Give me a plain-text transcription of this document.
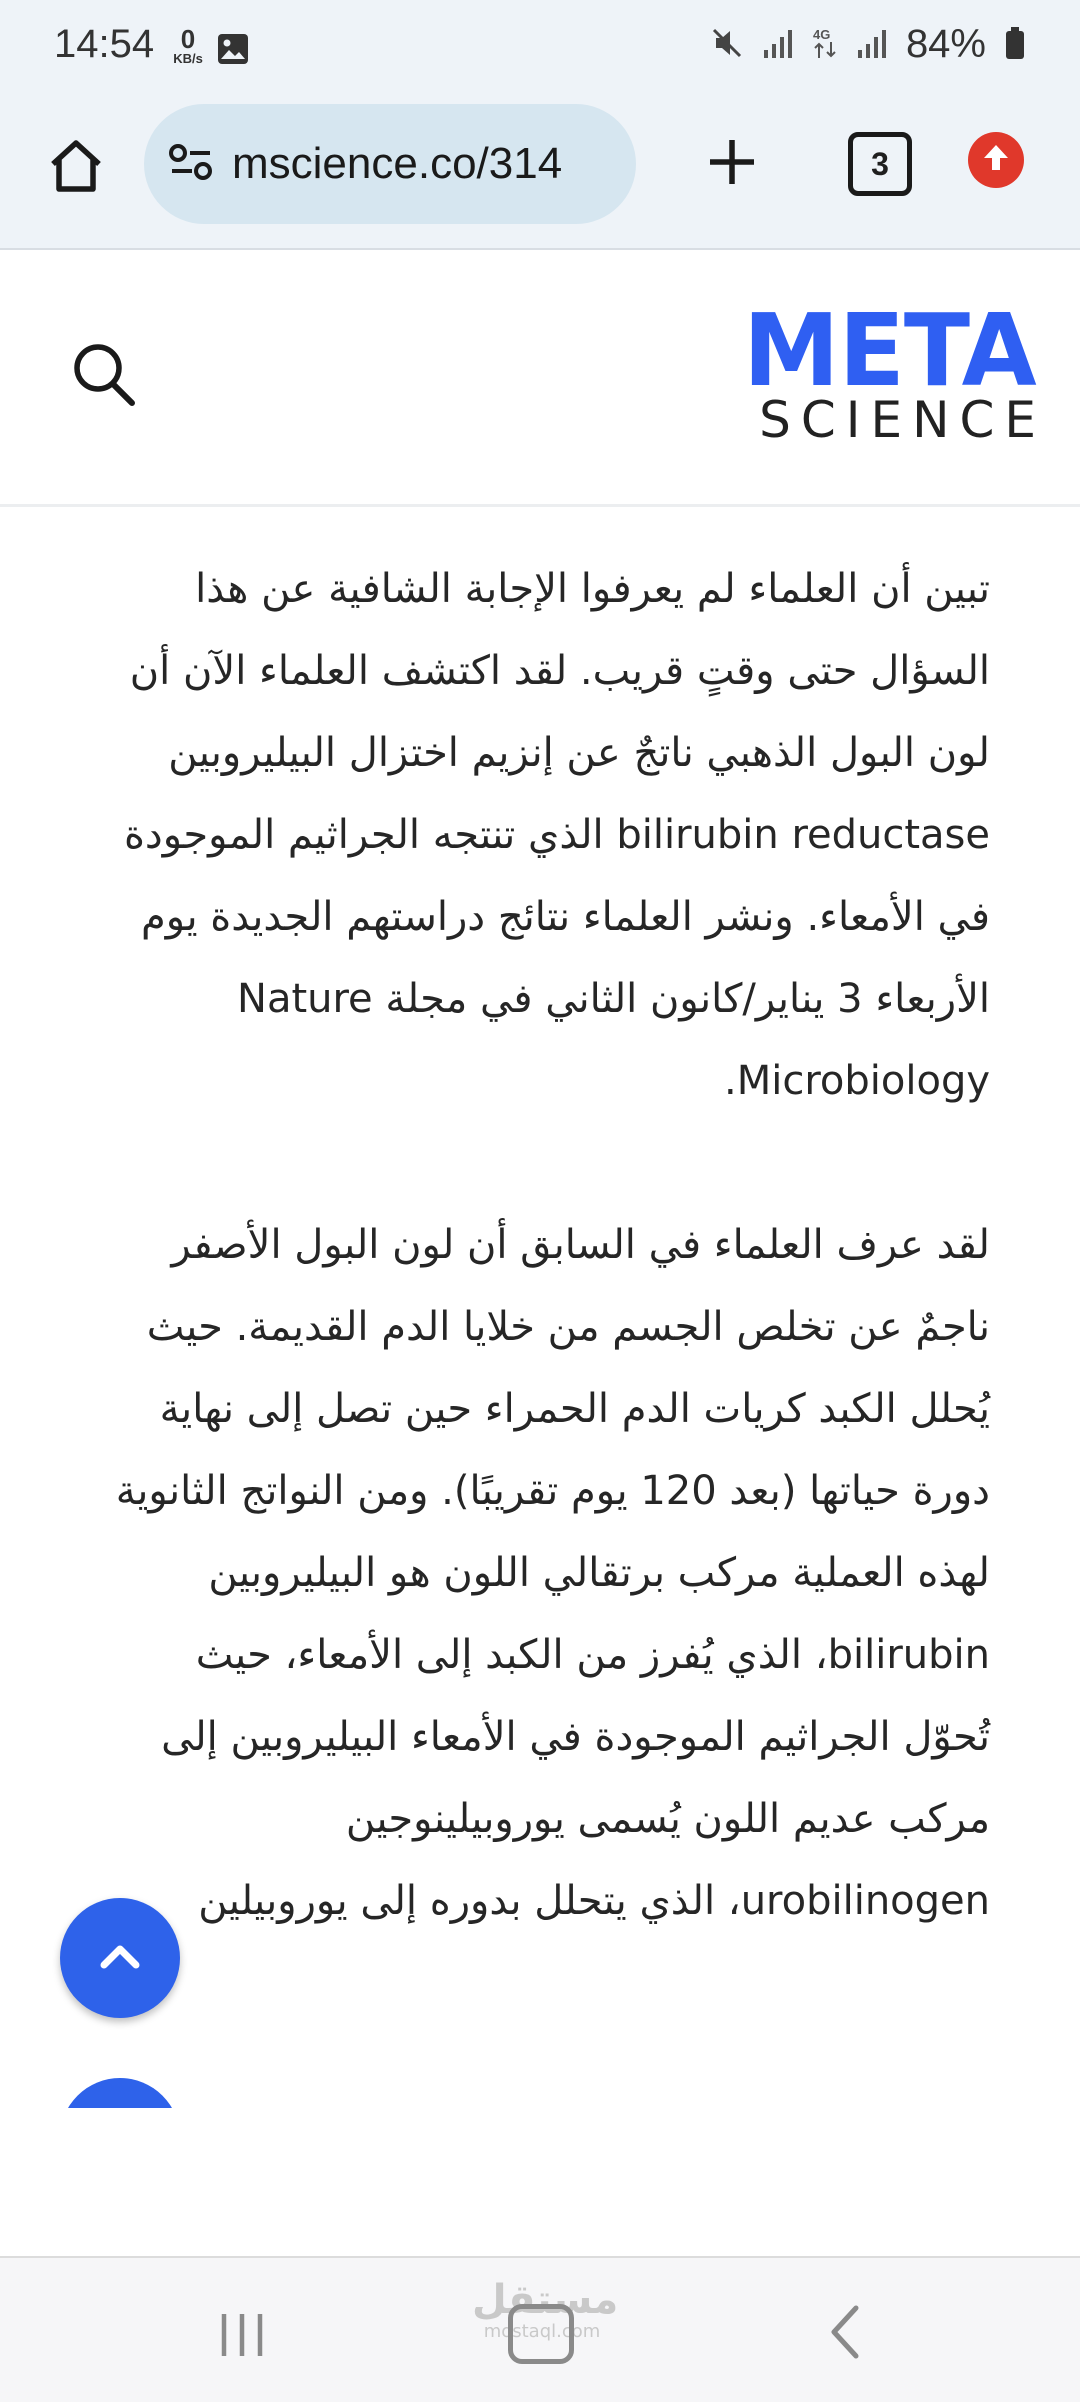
14:54	0
KB/s
4G 84%
mscience.co/314	3
META
SCIENCE

تبين أن العلماء لم يعرفوا الإجابة الشافية عن هذا السؤال حتى وقتٍ قريب. لقد اكتشف العلماء الآن أن لون البول الذهبي ناتجٌ عن إنزيم اختزال البيليروبين bilirubin reductase الذي تنتجه الجراثيم الموجودة في الأمعاء. ونشر العلماء نتائج دراستهم الجديدة يوم الأربعاء 3 يناير/كانون الثاني في مجلة Nature Microbiology.

لقد عرف العلماء في السابق أن لون البول الأصفر ناجمٌ عن تخلص الجسم من خلايا الدم القديمة. حيث يُحلل الكبد كريات الدم الحمراء حين تصل إلى نهاية دورة حياتها (بعد 120 يوم تقريبًا). ومن النواتج الثانوية لهذه العملية مركب برتقالي اللون هو البيليروبين bilirubin، الذي يُفرز من الكبد إلى الأمعاء، حيث تُحوّل الجراثيم الموجودة في الأمعاء البيليروبين إلى مركب عديم اللون يُسمى يوروبيلينوجين urobilinogen، الذي يتحلل بدوره إلى يوروبيلين

مستقل
mostaql.com
